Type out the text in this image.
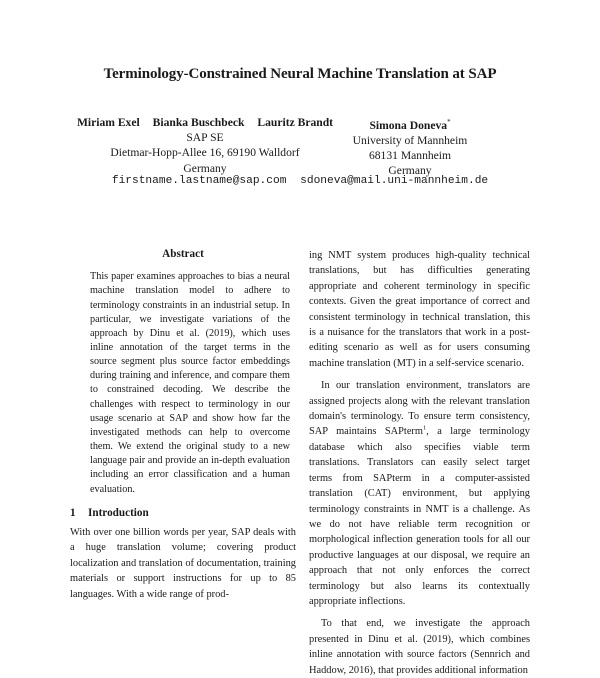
Terminology-Constrained Neural Machine Translation at SAP
Miriam Exel Bianka Buschbeck Lauritz Brandt
SAP SE
Dietmar-Hopp-Allee 16, 69190 Walldorf
Germany
Simona Doneva*
University of Mannheim
68131 Mannheim
Germany
firstname.lastname@sap.com sdoneva@mail.uni-mannheim.de
Abstract

This paper examines approaches to bias a neural machine translation model to adhere to terminology constraints in an industrial setup. In particular, we investigate variations of the approach by Dinu et al. (2019), which uses inline annotation of the target terms in the source segment plus source factor embeddings during training and inference, and compare them to constrained decoding. We describe the challenges with respect to terminology in our usage scenario at SAP and show how far the investigated methods can help to overcome them. We extend the original study to a new language pair and provide an in-depth evaluation including an error classification and a human evaluation.

1 Introduction

With over one billion words per year, SAP deals with a huge translation volume; covering product localization and translation of documentation, training materials or support instructions for up to 85 languages. With a wide range of prod-

ing NMT system produces high-quality technical translations, but has difficulties generating appropriate and coherent terminology in specific contexts. Given the great importance of correct and consistent terminology in technical translation, this is a nuisance for the translators that work in a post-editing scenario as well as for users consuming machine translation (MT) in a self-service scenario.

In our translation environment, translators are assigned projects along with the relevant translation domain's terminology. To ensure term consistency, SAP maintains SAPterm$^1$, a large terminology database which also specifies viable term translations. Translators can easily select target terms from SAPterm in a computer-assisted translation (CAT) environment, but applying terminology constraints in NMT is a challenge. As we do not have reliable term recognition or morphological inflection generation tools for all our productive languages at our disposal, we require an approach that not only enforces the correct terminology but also learns its contextually appropriate inflections.

To that end, we investigate the approach presented in Dinu et al. (2019), which combines inline annotation with source factors (Sennrich and Haddow, 2016), that provides additional information
